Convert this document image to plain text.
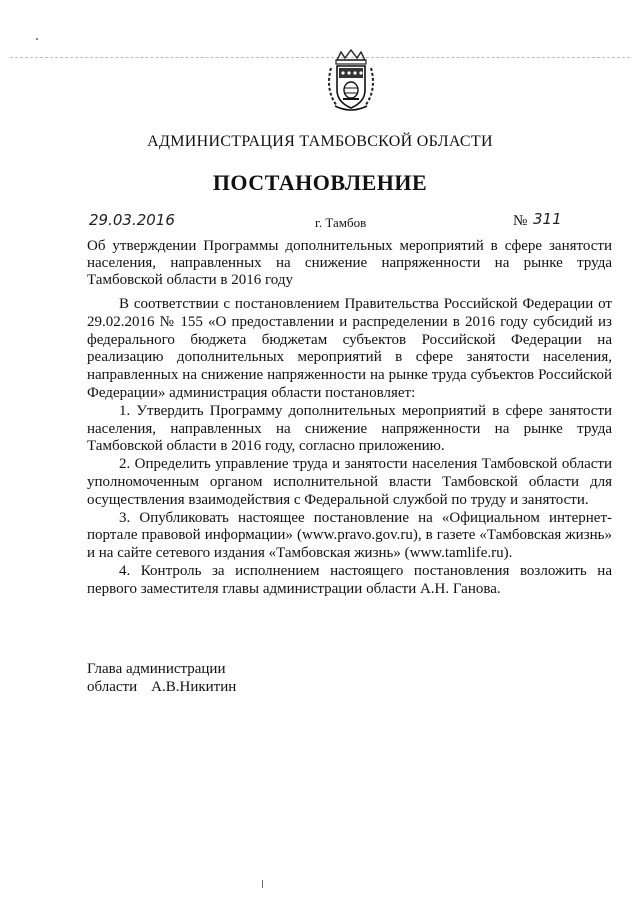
АДМИНИСТРАЦИЯ ТАМБОВСКОЙ ОБЛАСТИ
ПОСТАНОВЛЕНИЕ
29.03.2016	г. Тамбов	№ 311
Об утверждении Программы дополнительных мероприятий в сфере занятости населения, направленных на снижение напряженности на рынке труда Тамбовской области в 2016 году

В соответствии с постановлением Правительства Российской Федерации от 29.02.2016 № 155 «О предоставлении и распределении в 2016 году субсидий из федерального бюджета бюджетам субъектов Российской Федерации на реализацию дополнительных мероприятий в сфере занятости населения, направленных на снижение напряженности на рынке труда субъектов Российской Федерации» администрация области постановляет:

1. Утвердить Программу дополнительных мероприятий в сфере занятости населения, направленных на снижение напряженности на рынке труда Тамбовской области в 2016 году, согласно приложению.

2. Определить управление труда и занятости населения Тамбовской области уполномоченным органом исполнительной власти Тамбовской области для осуществления взаимодействия с Федеральной службой по труду и занятости.

3. Опубликовать настоящее постановление на «Официальном интернет-портале правовой информации» (www.pravo.gov.ru), в газете «Тамбовская жизнь» и на сайте сетевого издания «Тамбовская жизнь» (www.tamlife.ru).

4. Контроль за исполнением настоящего постановления возложить на первого заместителя главы администрации области А.Н. Ганова.

Глава администрации
области А.В.Никитин
